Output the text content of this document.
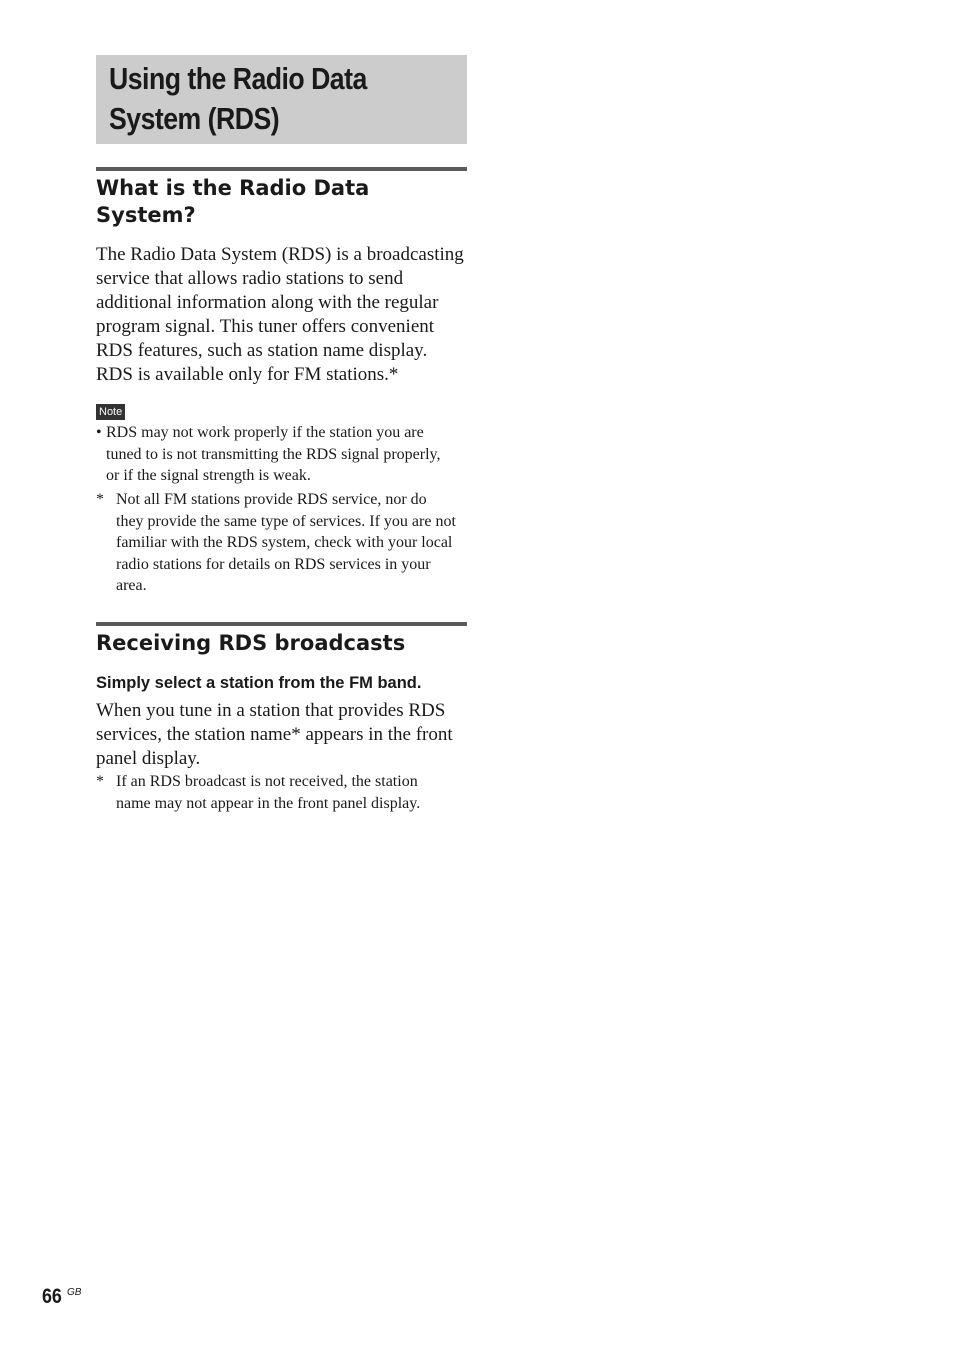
Using the Radio Data
System (RDS)
What is the Radio Data
System?
The Radio Data System (RDS) is a broadcasting
service that allows radio stations to send
additional information along with the regular
program signal. This tuner offers convenient
RDS features, such as station name display.
RDS is available only for FM stations.*
Note
• RDS may not work properly if the station you are
tuned to is not transmitting the RDS signal properly,
or if the signal strength is weak.
* Not all FM stations provide RDS service, nor do
they provide the same type of services. If you are not
familiar with the RDS system, check with your local
radio stations for details on RDS services in your
area.
Receiving RDS broadcasts

Simply select a station from the FM band.

When you tune in a station that provides RDS
services, the station name* appears in the front
panel display.
* If an RDS broadcast is not received, the station
name may not appear in the front panel display.
66 GB
